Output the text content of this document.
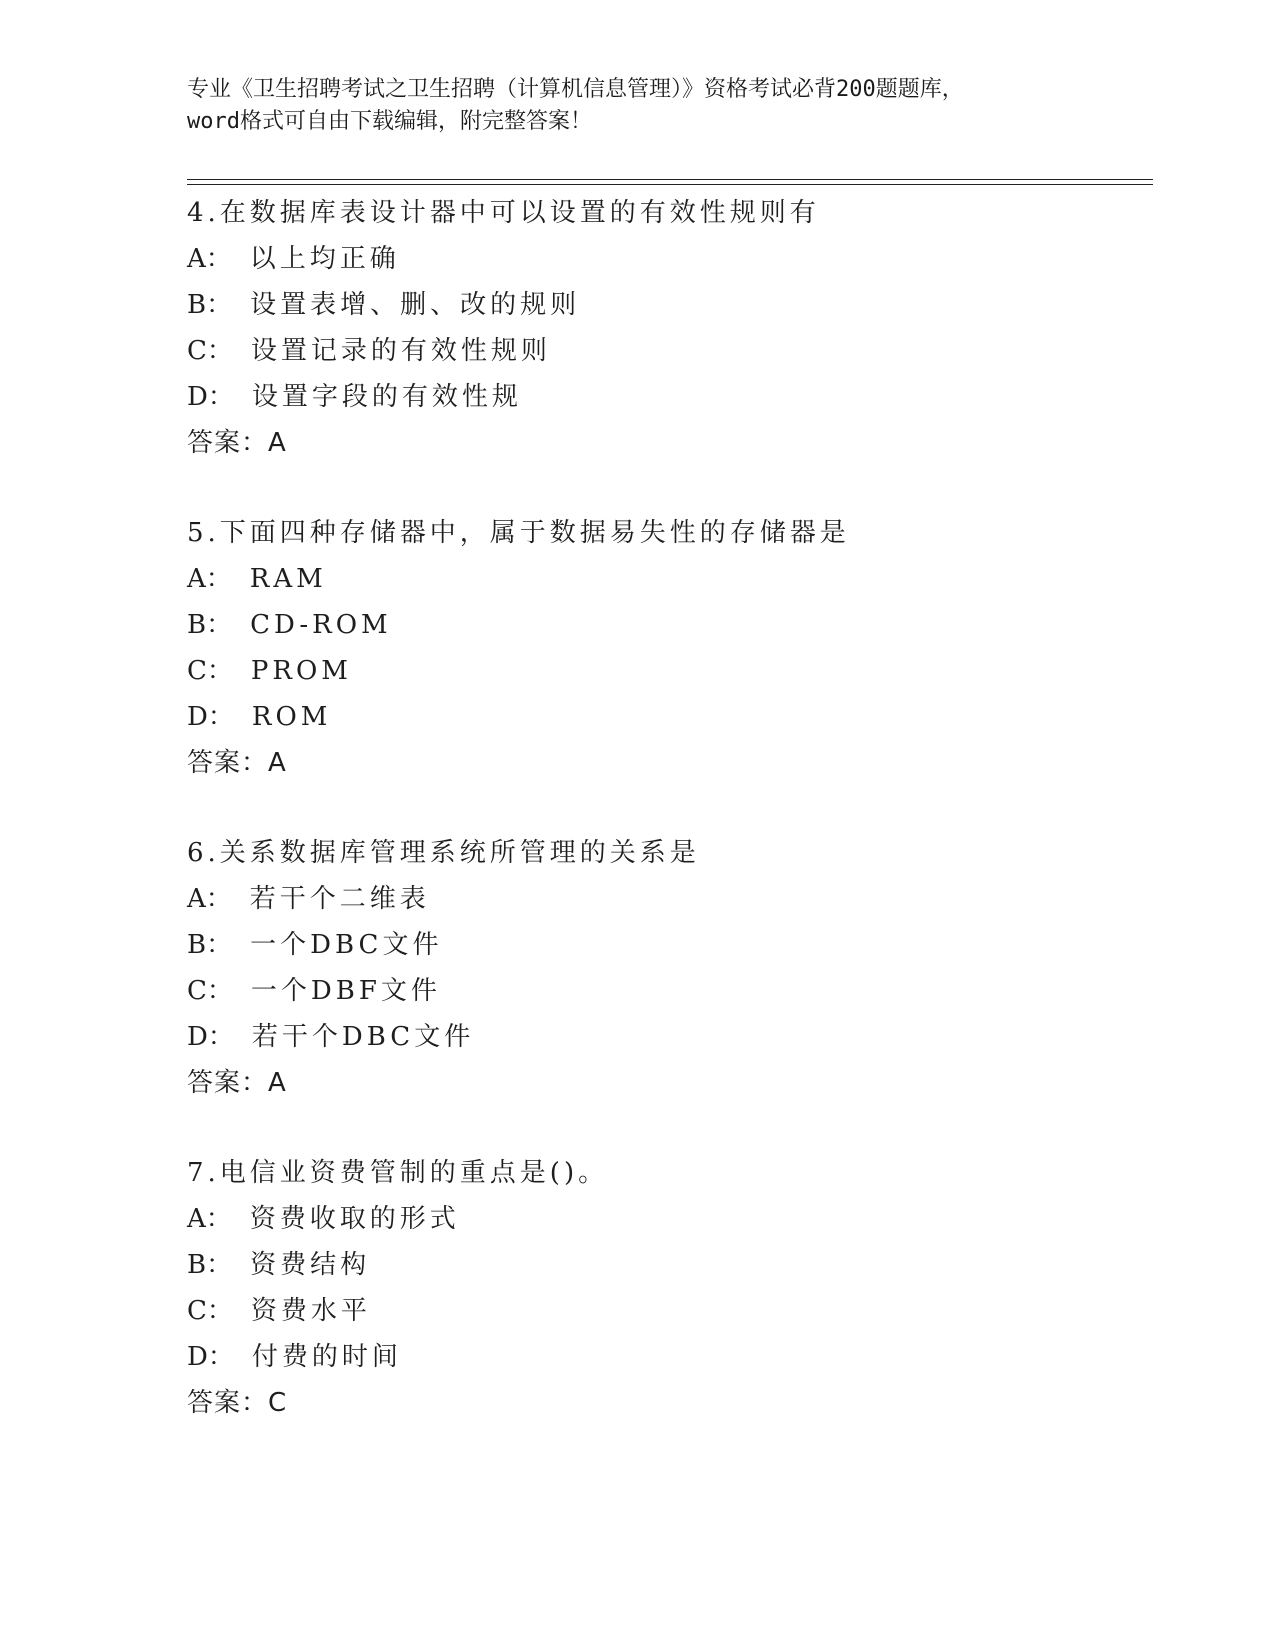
专业《卫生招聘考试之卫生招聘（计算机信息管理）》资格考试必背200题题库，

word格式可自由下载编辑，附完整答案！

4.在数据库表设计器中可以设置的有效性规则有
A： 以上均正确
B： 设置表增、删、改的规则
C： 设置记录的有效性规则
D： 设置字段的有效性规
答案：A
5.下面四种存储器中，属于数据易失性的存储器是
A： RAM
B： CD-ROM
C： PROM
D： ROM
答案：A
6.关系数据库管理系统所管理的关系是
A： 若干个二维表
B： 一个DBC文件
C： 一个DBF文件
D： 若干个DBC文件
答案：A
7.电信业资费管制的重点是()。
A： 资费收取的形式
B： 资费结构
C： 资费水平
D： 付费的时间
答案：C
